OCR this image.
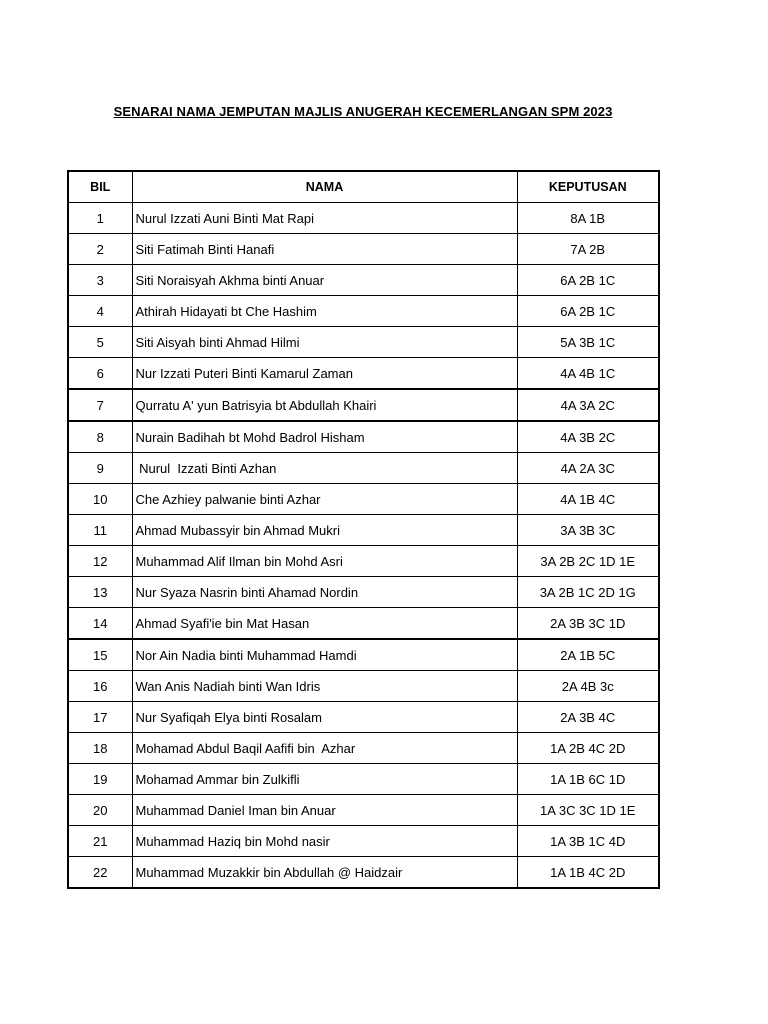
SENARAI NAMA JEMPUTAN MAJLIS ANUGERAH KECEMERLANGAN SPM 2023
BIL	NAMA	KEPUTUSAN
1	Nurul Izzati Auni Binti Mat Rapi	8A 1B
2	Siti Fatimah Binti Hanafi	7A 2B
3	Siti Noraisyah Akhma binti Anuar	6A 2B 1C
4	Athirah Hidayati bt Che Hashim	6A 2B 1C
5	Siti Aisyah binti Ahmad Hilmi	5A 3B 1C
6	Nur Izzati Puteri Binti Kamarul Zaman	4A 4B 1C
7	Qurratu A' yun Batrisyia bt Abdullah Khairi	4A 3A 2C
8	Nurain Badihah bt Mohd Badrol Hisham	4A 3B 2C
9	Nurul  Izzati Binti Azhan	4A 2A 3C
10	Che Azhiey palwanie binti Azhar	4A 1B 4C
11	Ahmad Mubassyir bin Ahmad Mukri	3A 3B 3C
12	Muhammad Alif Ilman bin Mohd Asri	3A 2B 2C 1D 1E
13	Nur Syaza Nasrin binti Ahamad Nordin	3A 2B 1C 2D 1G
14	Ahmad Syafi'ie bin Mat Hasan	2A 3B 3C 1D
15	Nor Ain Nadia binti Muhammad Hamdi	2A 1B 5C
16	Wan Anis Nadiah binti Wan Idris	2A 4B 3c
17	Nur Syafiqah Elya binti Rosalam	2A 3B 4C
18	Mohamad Abdul Baqil Aafifi bin  Azhar	1A 2B 4C 2D
19	Mohamad Ammar bin Zulkifli	1A 1B 6C 1D
20	Muhammad Daniel Iman bin Anuar	1A 3C 3C 1D 1E
21	Muhammad Haziq bin Mohd nasir	1A 3B 1C 4D
22	Muhammad Muzakkir bin Abdullah @ Haidzair	1A 1B 4C 2D
